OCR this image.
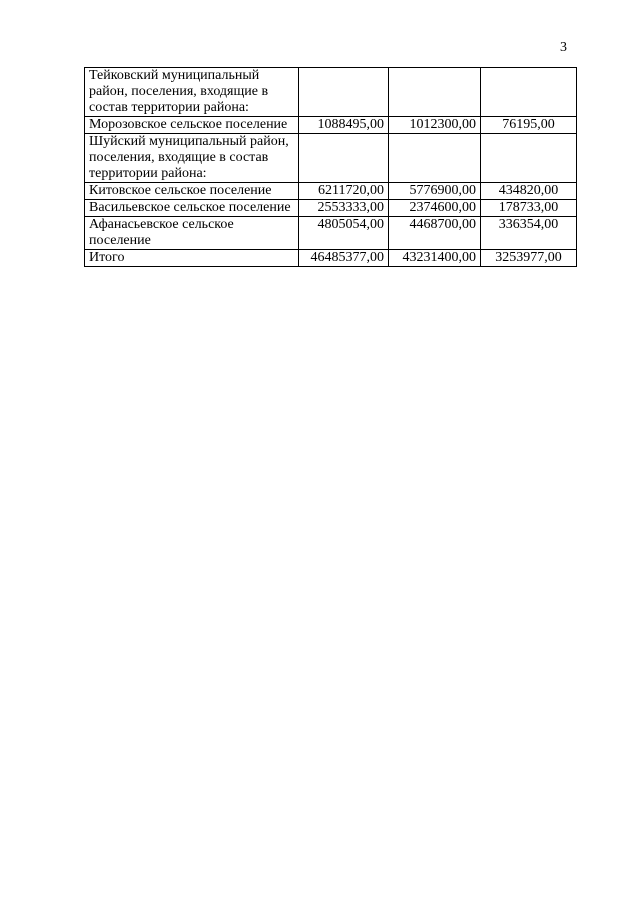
3
Тейковский муниципальный район, поселения, входящие в состав территории района:			
Морозовское сельское поселение	1088495,00	1012300,00	76195,00
Шуйский муниципальный район, поселения, входящие в состав территории района:			
Китовское сельское поселение	6211720,00	5776900,00	434820,00
Васильевское сельское поселение	2553333,00	2374600,00	178733,00
Афанасьевское сельское поселение	4805054,00	4468700,00	336354,00
Итого	46485377,00	43231400,00	3253977,00
